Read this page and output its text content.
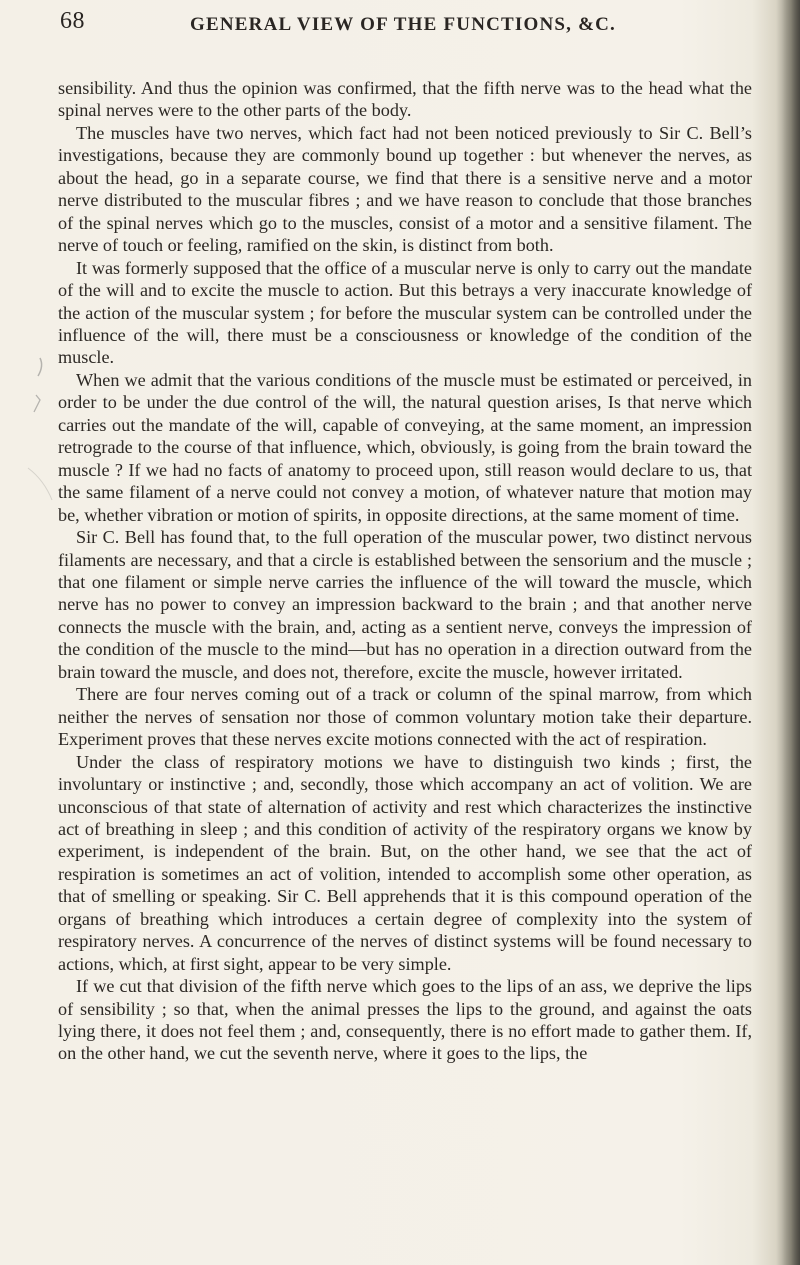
68	GENERAL VIEW OF THE FUNCTIONS, &C.

sensibility. And thus the opinion was confirmed, that the fifth nerve was to the head what the spinal nerves were to the other parts of the body.

The muscles have two nerves, which fact had not been noticed previously to Sir C. Bell’s investigations, because they are commonly bound up together : but whenever the nerves, as about the head, go in a separate course, we find that there is a sensitive nerve and a motor nerve distributed to the muscular fibres ; and we have reason to conclude that those branches of the spinal nerves which go to the muscles, consist of a motor and a sensitive filament. The nerve of touch or feeling, ramified on the skin, is distinct from both.

It was formerly supposed that the office of a muscular nerve is only to carry out the mandate of the will and to excite the muscle to action. But this betrays a very inaccurate knowledge of the action of the muscular system ; for before the muscular system can be controlled under the influence of the will, there must be a consciousness or knowledge of the condition of the muscle.

When we admit that the various conditions of the muscle must be estimated or perceived, in order to be under the due control of the will, the natural question arises, Is that nerve which carries out the mandate of the will, capable of conveying, at the same moment, an impression retrograde to the course of that influence, which, obviously, is going from the brain toward the muscle ? If we had no facts of anatomy to proceed upon, still reason would declare to us, that the same filament of a nerve could not convey a motion, of whatever nature that motion may be, whether vibration or motion of spirits, in opposite directions, at the same moment of time.

Sir C. Bell has found that, to the full operation of the muscular power, two distinct nervous filaments are necessary, and that a circle is established between the sensorium and the muscle ; that one filament or simple nerve carries the influence of the will toward the muscle, which nerve has no power to convey an impression backward to the brain ; and that another nerve connects the muscle with the brain, and, acting as a sentient nerve, conveys the impression of the condition of the muscle to the mind—but has no operation in a direction outward from the brain toward the muscle, and does not, therefore, excite the muscle, however irritated.

There are four nerves coming out of a track or column of the spinal marrow, from which neither the nerves of sensation nor those of common voluntary motion take their departure. Experiment proves that these nerves excite motions connected with the act of respiration.

Under the class of respiratory motions we have to distinguish two kinds ; first, the involuntary or instinctive ; and, secondly, those which accompany an act of volition. We are unconscious of that state of alternation of activity and rest which characterizes the instinctive act of breathing in sleep ; and this condition of activity of the respiratory organs we know by experiment, is independent of the brain. But, on the other hand, we see that the act of respiration is sometimes an act of volition, intended to accomplish some other operation, as that of smelling or speaking. Sir C. Bell apprehends that it is this compound operation of the organs of breathing which introduces a certain degree of complexity into the system of respiratory nerves. A concurrence of the nerves of distinct systems will be found necessary to actions, which, at first sight, appear to be very simple.

If we cut that division of the fifth nerve which goes to the lips of an ass, we deprive the lips of sensibility ; so that, when the animal presses the lips to the ground, and against the oats lying there, it does not feel them ; and, consequently, there is no effort made to gather them. If, on the other hand, we cut the seventh nerve, where it goes to the lips, the
